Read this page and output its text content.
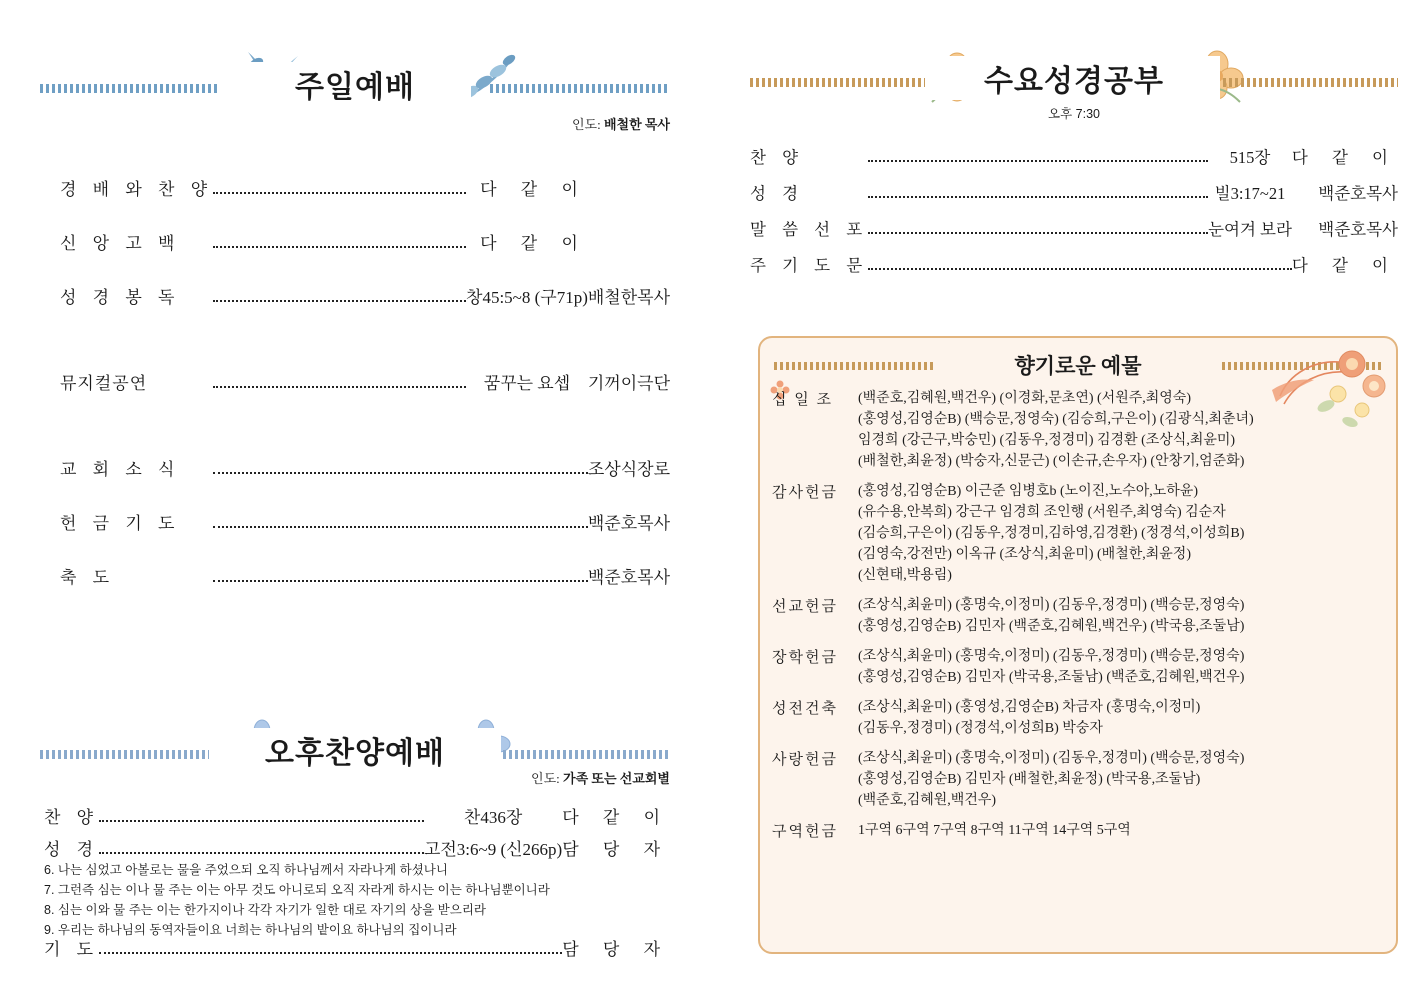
주일예배
인도: 배철한 목사
경 배 와 찬 양		다 같 이	
신 앙 고 백		다 같 이	
성 경 봉 독		창45:5~8 (구71p)		배철한목사
뮤지컬공연		꿈꾸는 요셉		기꺼이극단
교 회 소 식			조상식장로
헌 금 기 도			백준호목사
축 도			백준호목사
오후찬양예배
인도: 가족 또는 선교회별
찬 양		찬436장		다 같 이
성 경		고전3:6~9 (신266p)		담 당 자
6. 나는 심었고 아볼로는 물을 주었으되 오직 하나님께서 자라나게 하셨나니
7. 그런즉 심는 이나 물 주는 이는 아무 것도 아니로되 오직 자라게 하시는 이는 하나님뿐이니라
8. 심는 이와 물 주는 이는 한가지이나 각각 자기가 일한 대로 자기의 상을 받으리라
9. 우리는 하나님의 동역자들이요 너희는 하나님의 밭이요 하나님의 집이니라
기 도		담 당 자
수요성경공부
오후 7:30
찬 양		515장		다 같 이
성 경		빌3:17~21		백준호목사
말 씀 선 포		눈여겨 보라		백준호목사
주 기 도 문			다 같 이
향기로운 예물
십 일 조	(백준호,김혜원,백건우) (이경화,문초연) (서원주,최영숙)
(홍영성,김영순B) (백승문,정영숙) (김승희,구은이) (김광식,최춘녀)
임경희 (강근구,박숭민) (김동우,정경미) 김경환 (조상식,최윤미)
(배철한,최윤정) (박숭자,신문근) (이손규,손우자) (안창기,엄준화)

감사헌금	(홍영성,김영순B) 이근준 임병호b (노이진,노수아,노하윤)
(유수용,안복희) 강근구 임경희 조인행 (서원주,최영숙) 김순자
(김승희,구은이) (김동우,정경미,김하영,김경환) (정경석,이성희B)
(김영숙,강전만) 이옥규 (조상식,최윤미) (배철한,최윤정)
(신현태,박용림)

선교헌금	(조상식,최윤미) (홍명숙,이정미) (김동우,정경미) (백승문,정영숙)
(홍영성,김영순B) 김민자 (백준호,김혜원,백건우) (박국용,조둘남)

장학헌금	(조상식,최윤미) (홍명숙,이정미) (김동우,정경미) (백승문,정영숙)
(홍영성,김영순B) 김민자 (박국용,조둘남) (백준호,김혜원,백건우)

성전건축	(조상식,최윤미) (홍영성,김영순B) 차금자 (홍명숙,이정미)
(김동우,정경미) (정경석,이성희B) 박숭자

사랑헌금	(조상식,최윤미) (홍명숙,이정미) (김동우,정경미) (백승문,정영숙)
(홍영성,김영순B) 김민자 (배철한,최윤정) (박국용,조둘남)
(백준호,김혜원,백건우)

구역헌금	1구역 6구역 7구역 8구역 11구역 14구역 5구역
